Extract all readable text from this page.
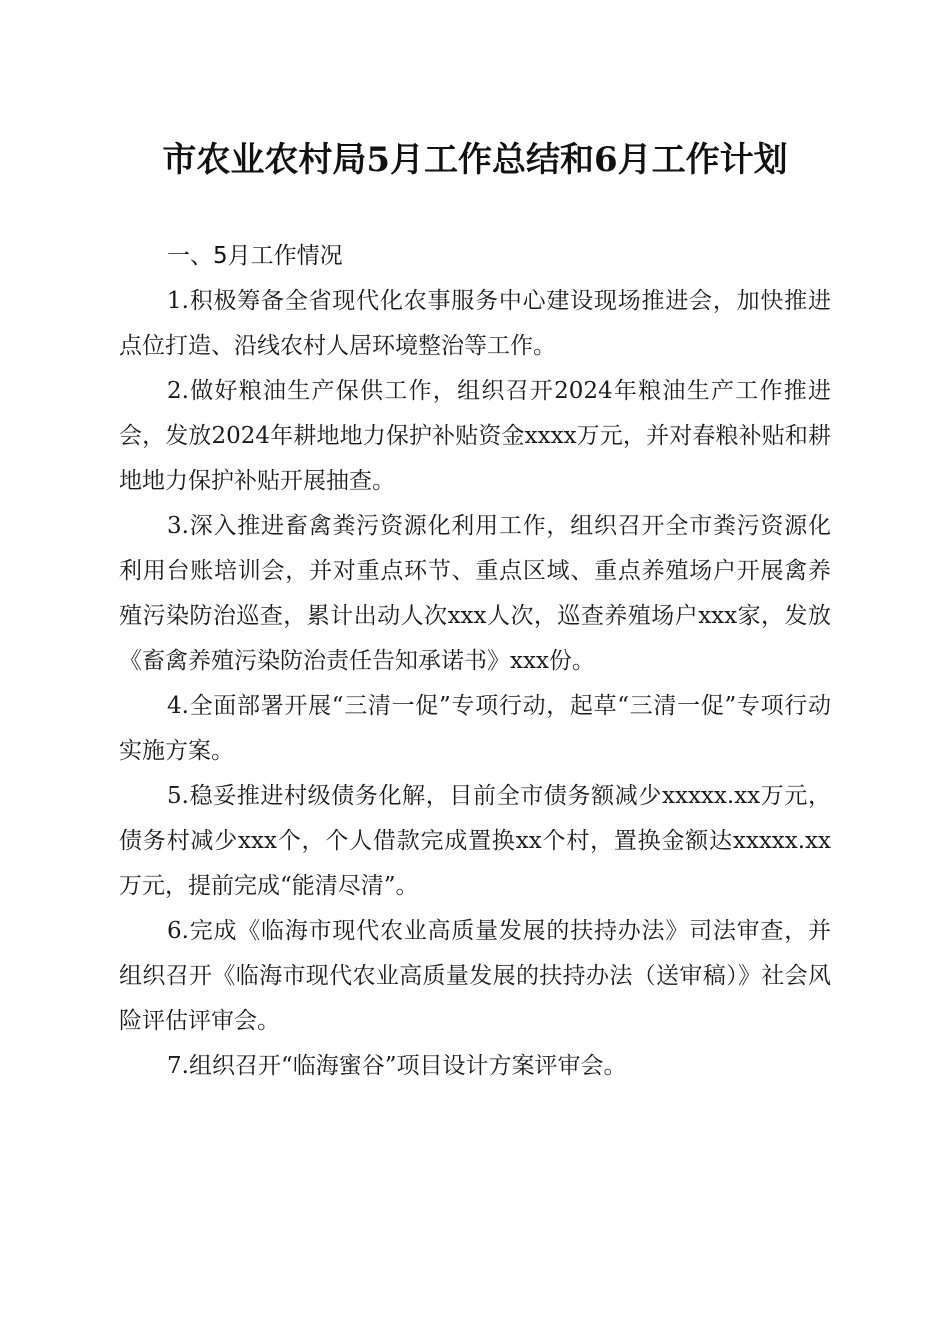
市农业农村局5月工作总结和6月工作计划

一、5月工作情况

1.积极筹备全省现代化农事服务中心建设现场推进会，加快推进点位打造、沿线农村人居环境整治等工作。

2.做好粮油生产保供工作，组织召开2024年粮油生产工作推进会，发放2024年耕地地力保护补贴资金xxxx万元，并对春粮补贴和耕地地力保护补贴开展抽查。

3.深入推进畜禽粪污资源化利用工作，组织召开全市粪污资源化利用台账培训会，并对重点环节、重点区域、重点养殖场户开展禽养殖污染防治巡查，累计出动人次xxx人次，巡查养殖场户xxx家，发放《畜禽养殖污染防治责任告知承诺书》xxx份。

4.全面部署开展“三清一促”专项行动，起草“三清一促”专项行动实施方案。

5.稳妥推进村级债务化解，目前全市债务额减少xxxxx.xx万元，债务村减少xxx个，个人借款完成置换xx个村，置换金额达xxxxx.xx万元，提前完成“能清尽清”。

6.完成《临海市现代农业高质量发展的扶持办法》司法审查，并组织召开《临海市现代农业高质量发展的扶持办法（送审稿）》社会风险评估评审会。

7.组织召开“临海蜜谷”项目设计方案评审会。
